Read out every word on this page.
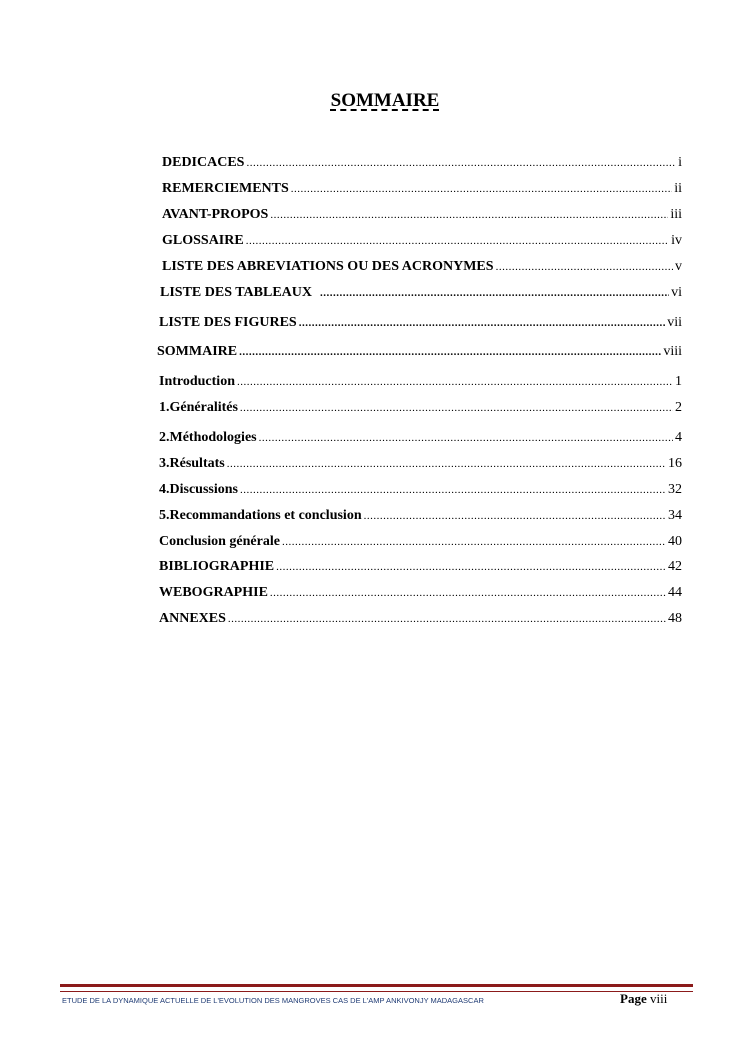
SOMMAIRE
DEDICACES .....	i
REMERCIEMENTS .....	ii
AVANT-PROPOS .....	iii
GLOSSAIRE .....	iv
LISTE DES ABREVIATIONS OU DES ACRONYMES .....	v
LISTE DES TABLEAUX .....	vi
LISTE DES FIGURES .....	vii
SOMMAIRE .....	viii
Introduction .....	1
1.Généralités .....	2
2.Méthodologies .....	4
3.Résultats .....	16
4.Discussions .....	32
5.Recommandations et conclusion .....	34
Conclusion générale .....	40
BIBLIOGRAPHIE .....	42
WEBOGRAPHIE .....	44
ANNEXES .....	48
ETUDE DE LA DYNAMIQUE ACTUELLE DE L'EVOLUTION DES MANGROVES CAS DE L'AMP ANKIVONJY MADAGASCAR	Page viii
